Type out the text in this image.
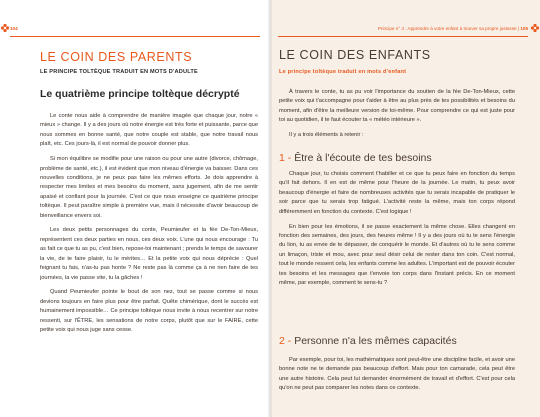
104
LE COIN DES PARENTS
LE PRINCIPE TOLTÈQUE TRADUIT EN MOTS D'ADULTE
Le quatrième principe toltèque décrypté

Le conte nous aide à comprendre de manière imagée que chaque jour, notre « mieux » change. Il y a des jours où notre énergie est très forte et puissante, parce que nous sommes en bonne santé, que notre couple est stable, que notre travail nous plaît, etc. Ces jours-là, il est normal de pouvoir donner plus.

Si mon équilibre se modifie pour une raison ou pour une autre (divorce, chômage, problème de santé, etc.), il est évident que mon niveau d'énergie va baisser. Dans ces nouvelles conditions, je ne peux pas faire les mêmes efforts. Je dois apprendre à respecter mes limites et mes besoins du moment, sans jugement, afin de me sentir apaisé et confiant pour la journée. C'est ce que nous enseigne ce quatrième principe toltèque. Il peut paraître simple à première vue, mais il nécessite d'avoir beaucoup de bienveillance envers soi.

Les deux petits personnages du conte, Peumieufer et la fée De-Ton-Mieux, représentent ces deux parties en nous, ces deux voix. L'une qui nous encourage : Tu as fait ce que tu as pu, c'est bien, repose-toi maintenant ; prends le temps de savourer la vie, de te faire plaisir, tu le mérites… Et la petite voix qui nous déprécie : Quel feignant tu fais, n'as-tu pas honte ? Ne reste pas là comme ça à ne rien faire de tes journées, la vie passe vite, tu la gâches !

Quand Peumieufer pointe le bout de son nez, tout se passe comme si nous devions toujours en faire plus pour être parfait. Quête chimérique, dont le succès est humainement impossible… Ce principe toltèque nous invite à nous recentrer sur notre ressenti, sur l'ÊTRE, les sensations de notre corps, plutôt que sur le FAIRE, cette petite voix qui nous juge sans cesse.

Principe n° 4 : Apprendre à votre enfant à trouver sa propre justesse | 105
LE COIN DES ENFANTS
Le principe toltèque traduit en mots d'enfant

À travers le conte, tu as pu voir l'importance du soutien de la fée De-Ton-Mieux, cette petite voix qui t'accompagne pour t'aider à être au plus près de tes possibilités et besoins du moment, afin d'être la meilleure version de toi-même. Pour comprendre ce qui est juste pour toi au quotidien, il te faut écouter ta « météo intérieure ».

Il y a trois éléments à retenir :

1 - Être à l'écoute de tes besoins

Chaque jour, tu choisis comment t'habiller et ce que tu peux faire en fonction du temps qu'il fait dehors. Il en est de même pour l'heure de la journée. Le matin, tu peux avoir beaucoup d'énergie et faire de nombreuses activités que tu serais incapable de pratiquer le soir parce que tu serais trop fatigué. L'activité reste la même, mais ton corps répond différemment en fonction du contexte. C'est logique !

En bien pour les émotions, il se passe exactement la même chose. Elles changent en fonction des semaines, des jours, des heures même ! Il y a des jours où tu te sens l'énergie du lion, tu as envie de te dépasser, de conquérir le monde. Et d'autres où tu te sens comme un limaçon, triste et mou, avec pour seul désir celui de rester dans ton coin. C'est normal, tout le monde ressent cela, les enfants comme les adultes. L'important est de pouvoir écouter tes besoins et les messages que t'envoie ton corps dans l'instant précis. En ce moment même, par exemple, comment te sens-tu ?

2 - Personne n'a les mêmes capacités

Par exemple, pour toi, les mathématiques sont peut-être une discipline facile, et avoir une bonne note ne te demande pas beaucoup d'effort. Mais pour ton camarade, cela peut être une autre histoire. Cela peut lui demander énormément de travail et d'effort. C'est pour cela qu'on ne peut pas comparer les notes dans ce contexte.
